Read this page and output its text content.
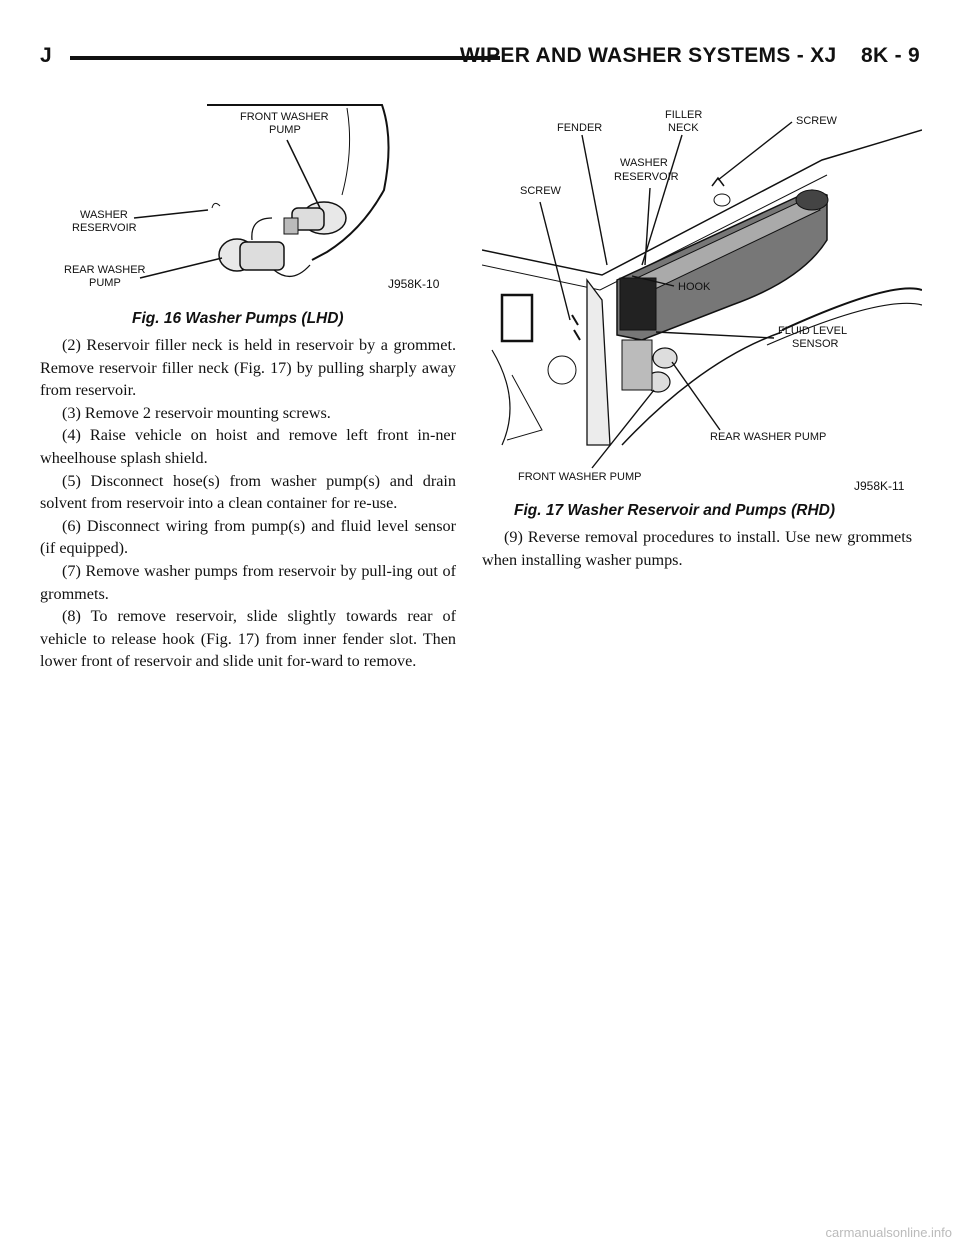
J	WIPER AND WASHER SYSTEMS - XJ    8K - 9
FRONT WASHER
PUMP
WASHER
RESERVOIR
REAR WASHER
PUMP	J958K-10
Fig. 16 Washer Pumps (LHD)

(2) Reservoir filler neck is held in reservoir by a grommet. Remove reservoir filler neck (Fig. 17) by pulling sharply away from reservoir.

(3) Remove 2 reservoir mounting screws.

(4) Raise vehicle on hoist and remove left front in-ner wheelhouse splash shield.

(5) Disconnect hose(s) from washer pump(s) and drain solvent from reservoir into a clean container for re-use.

(6) Disconnect wiring from pump(s) and fluid level sensor (if equipped).

(7) Remove washer pumps from reservoir by pull-ing out of grommets.

(8) To remove reservoir, slide slightly towards rear of vehicle to release hook (Fig. 17) from inner fender slot. Then lower front of reservoir and slide unit for-ward to remove.

FENDER
FILLER
NECK
SCREW
WASHER
RESERVOIR
SCREW
HOOK
FLUID LEVEL
SENSOR
REAR WASHER PUMP
FRONT WASHER PUMP
J958K-11
Fig. 17 Washer Reservoir and Pumps (RHD)

(9) Reverse removal procedures to install. Use new grommets when installing washer pumps.

carmanualsonline.info
